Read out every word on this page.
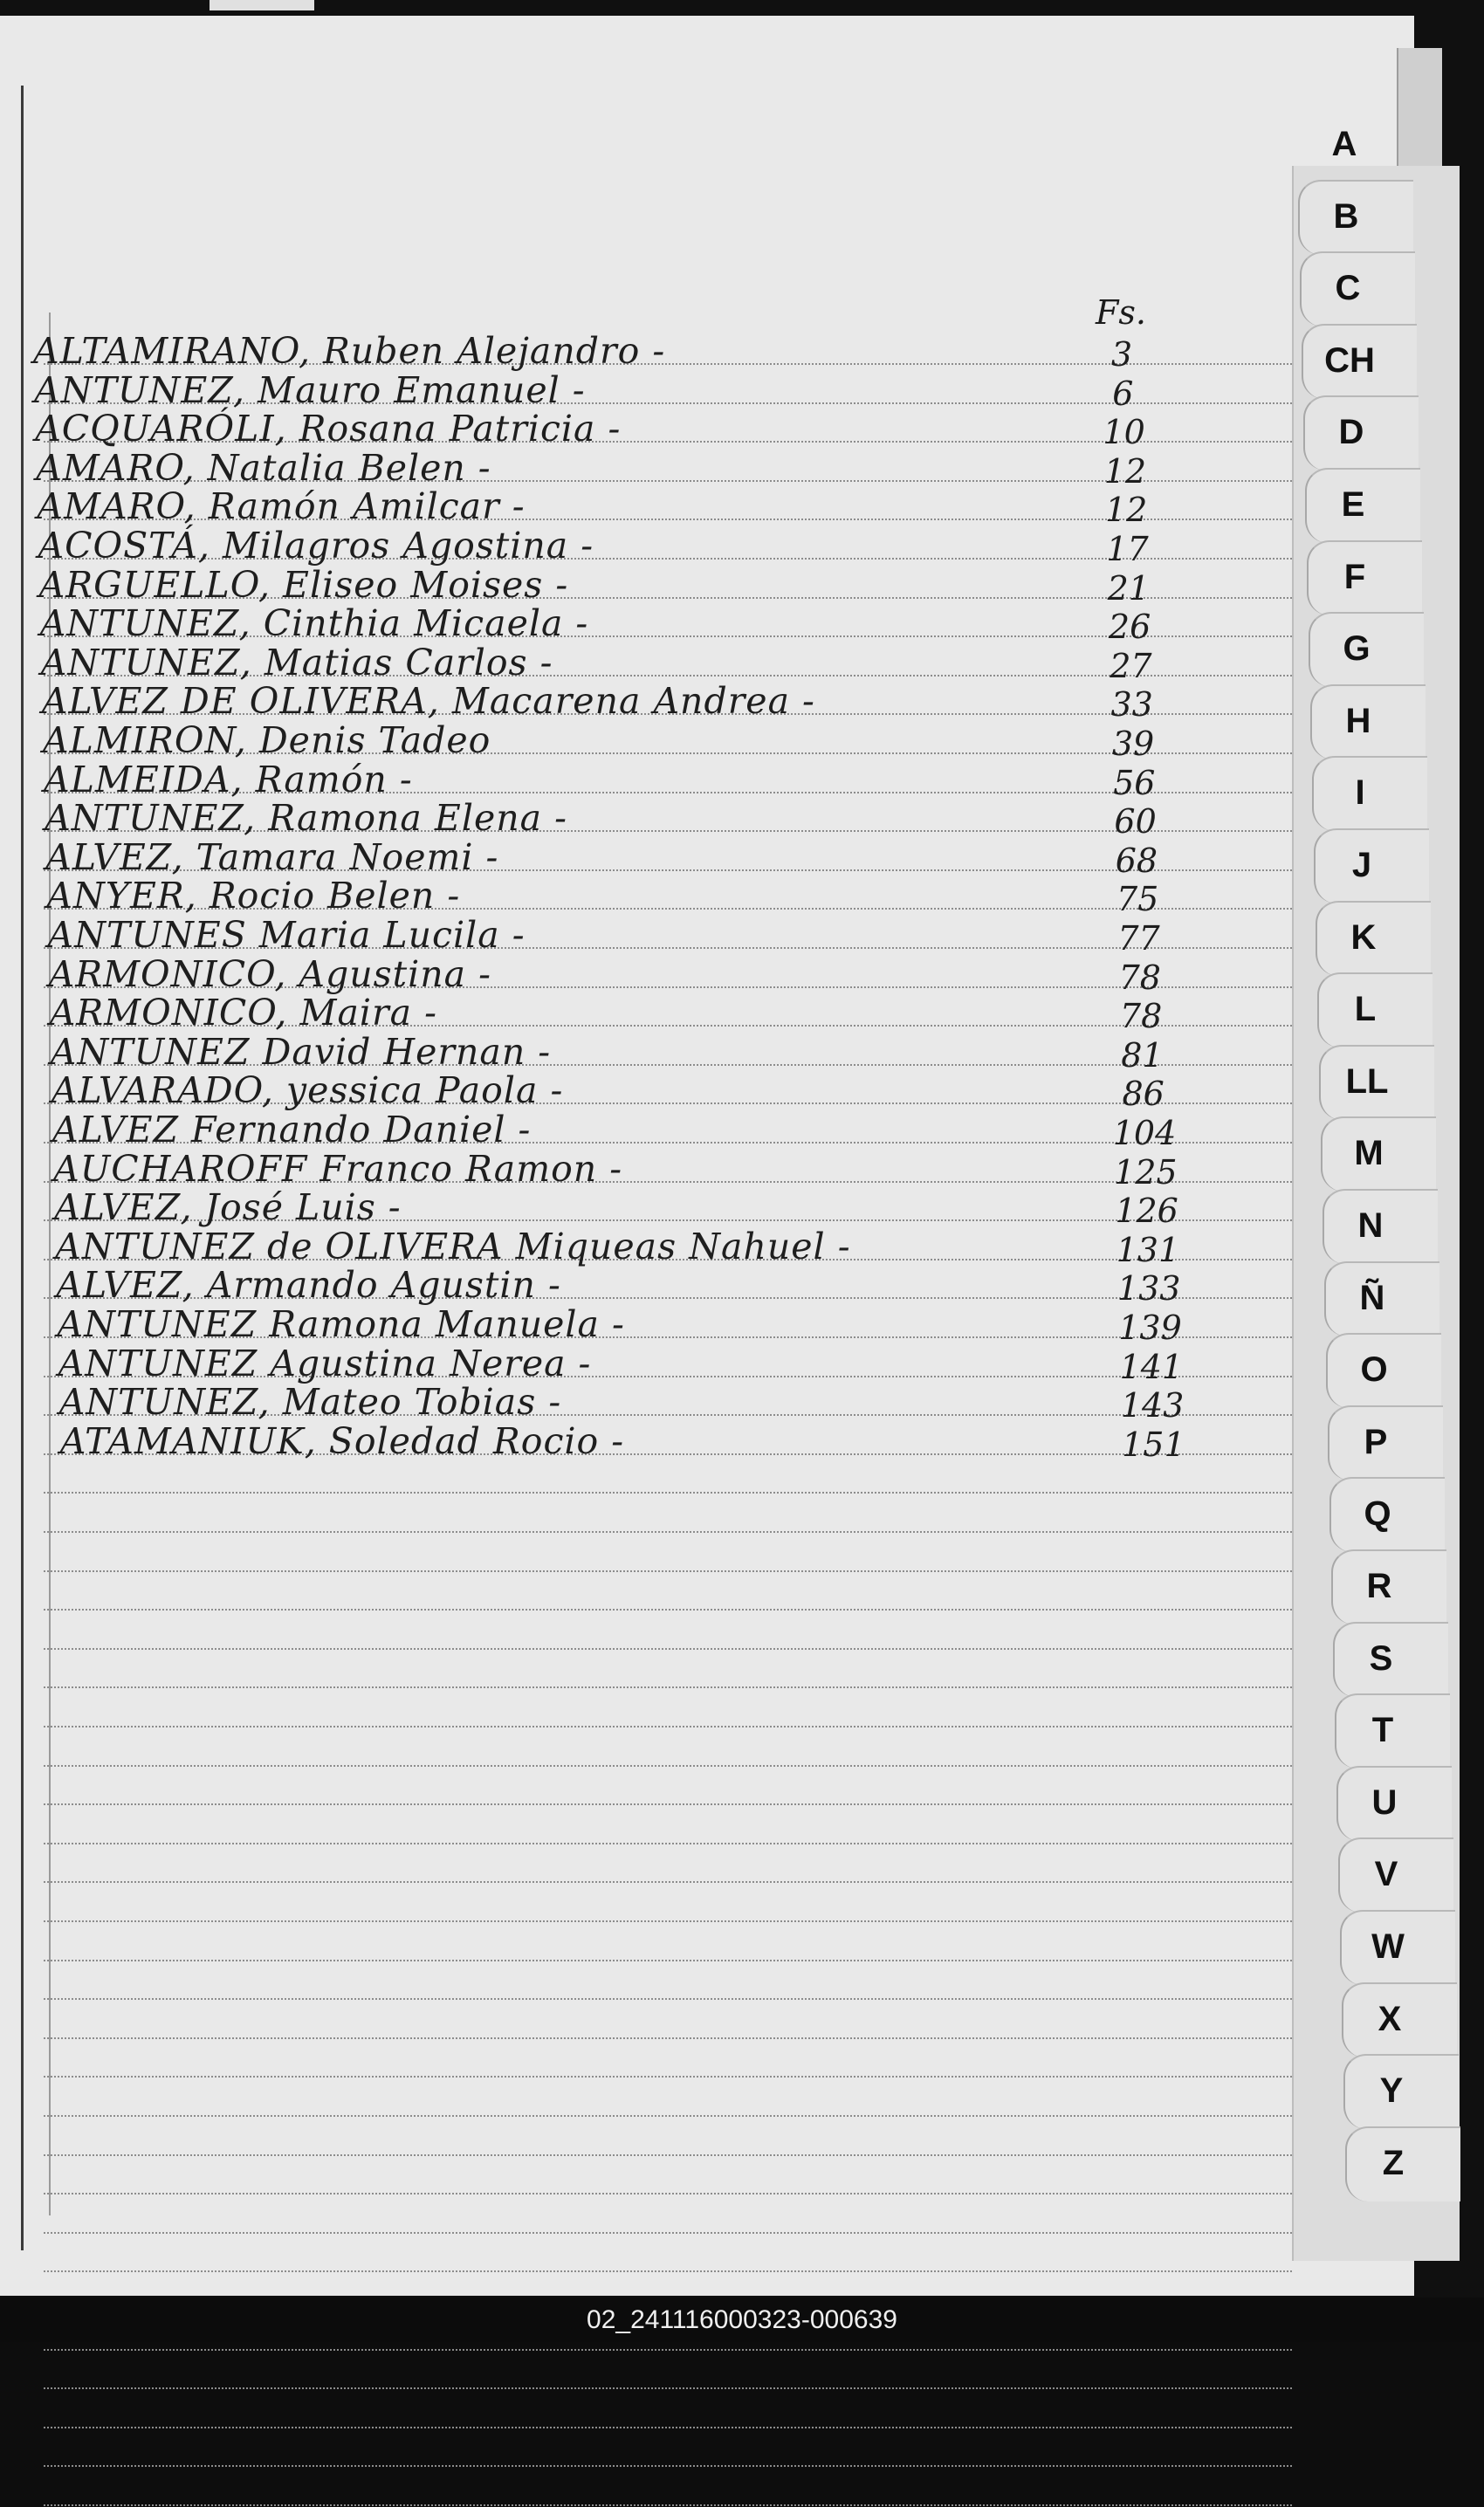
Fs.
ALTAMIRANO, Ruben Alejandro -	3
ANTUNEZ, Mauro Emanuel -	6
ACQUARÓLI, Rosana Patricia -	10
AMARO, Natalia Belen -	12
AMARO, Ramón Amilcar -	12
ACOSTÁ, Milagros Agostina -	17
ARGUELLO, Eliseo Moises -	21
ANTUNEZ, Cinthia Micaela -	26
ANTUNEZ, Matias Carlos -	27
ALVEZ DE OLIVERA, Macarena Andrea -	33
ALMIRON, Denis Tadeo	39
ALMEIDA, Ramón -	56
ANTUNEZ, Ramona Elena -	60
ALVEZ, Tamara Noemi -	68
ANYER, Rocio Belen -	75
ANTUNES Maria Lucila -	77
ARMONICO, Agustina -	78
ARMONICO, Maira -	78
ANTUNEZ David Hernan -	81
ALVARADO, yessica Paola -	86
ALVEZ Fernando Daniel -	104
AUCHAROFF Franco Ramon -	125
ALVEZ, José Luis -	126
ANTUNEZ de OLIVERA Miqueas Nahuel -	131
ALVEZ, Armando Agustin -	133
ANTUNEZ Ramona Manuela -	139
ANTUNEZ Agustina Nerea -	141
ANTUNEZ, Mateo Tobias -	143
ATAMANIUK, Soledad Rocio -	151
A
B
C
CH
D
E
F
G
H
I
J
K
L
LL
M
N
Ñ
O
P
Q
R
S
T
U
V
W
X
Y
Z
02_241116000323-000639
